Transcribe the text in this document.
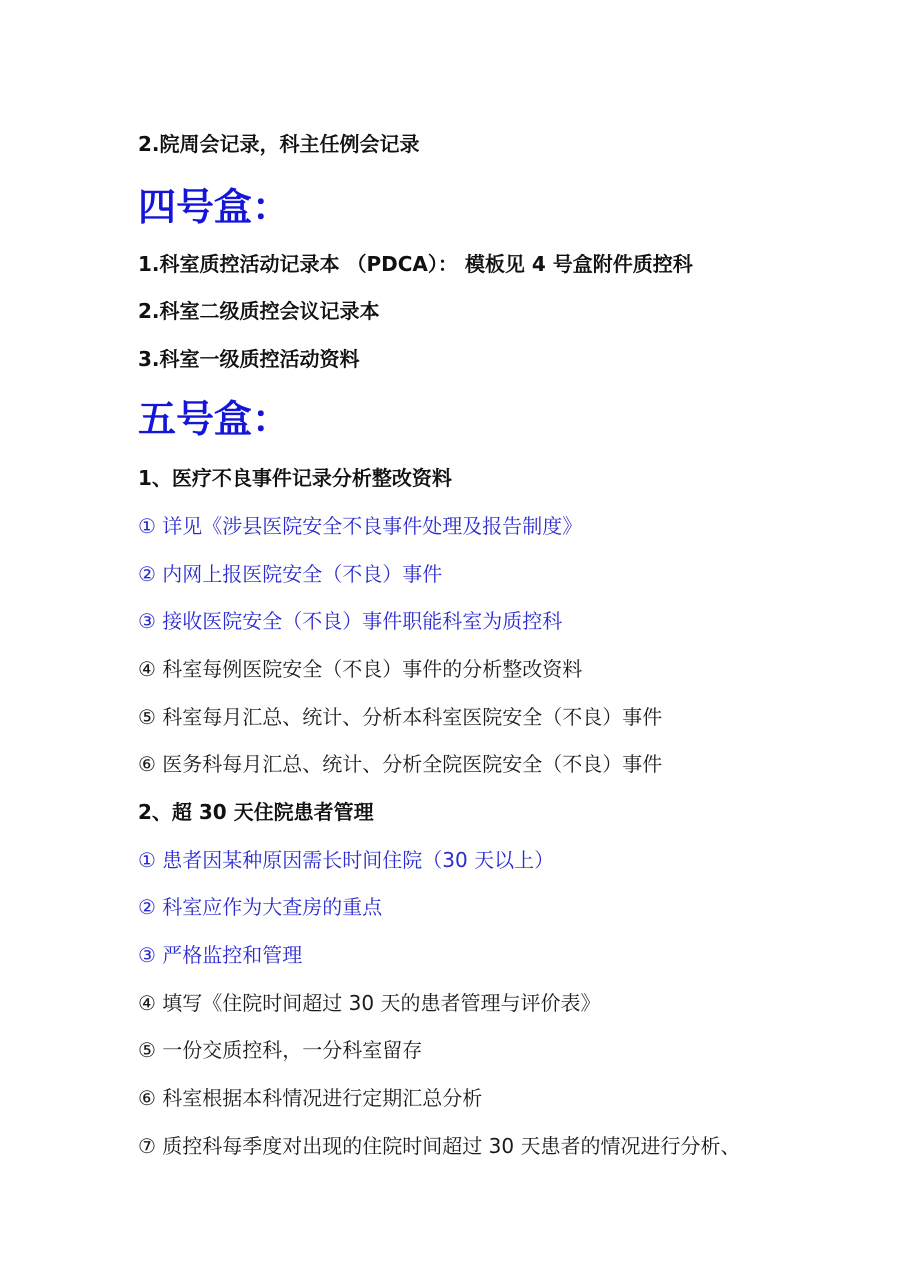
2.院周会记录，科主任例会记录
四号盒：
1.科室质控活动记录本 （PDCA）： 模板见 4 号盒附件质控科
2.科室二级质控会议记录本
3.科室一级质控活动资料
五号盒：
1、医疗不良事件记录分析整改资料
① 详见《涉县医院安全不良事件处理及报告制度》
② 内网上报医院安全（不良）事件
③ 接收医院安全（不良）事件职能科室为质控科
④ 科室每例医院安全（不良）事件的分析整改资料
⑤ 科室每月汇总、统计、分析本科室医院安全（不良）事件
⑥ 医务科每月汇总、统计、分析全院医院安全（不良）事件
2、超 30 天住院患者管理
① 患者因某种原因需长时间住院（30 天以上）
② 科室应作为大查房的重点
③ 严格监控和管理
④ 填写《住院时间超过 30 天的患者管理与评价表》
⑤ 一份交质控科，一分科室留存
⑥ 科室根据本科情况进行定期汇总分析
⑦ 质控科每季度对出现的住院时间超过 30 天患者的情况进行分析、
